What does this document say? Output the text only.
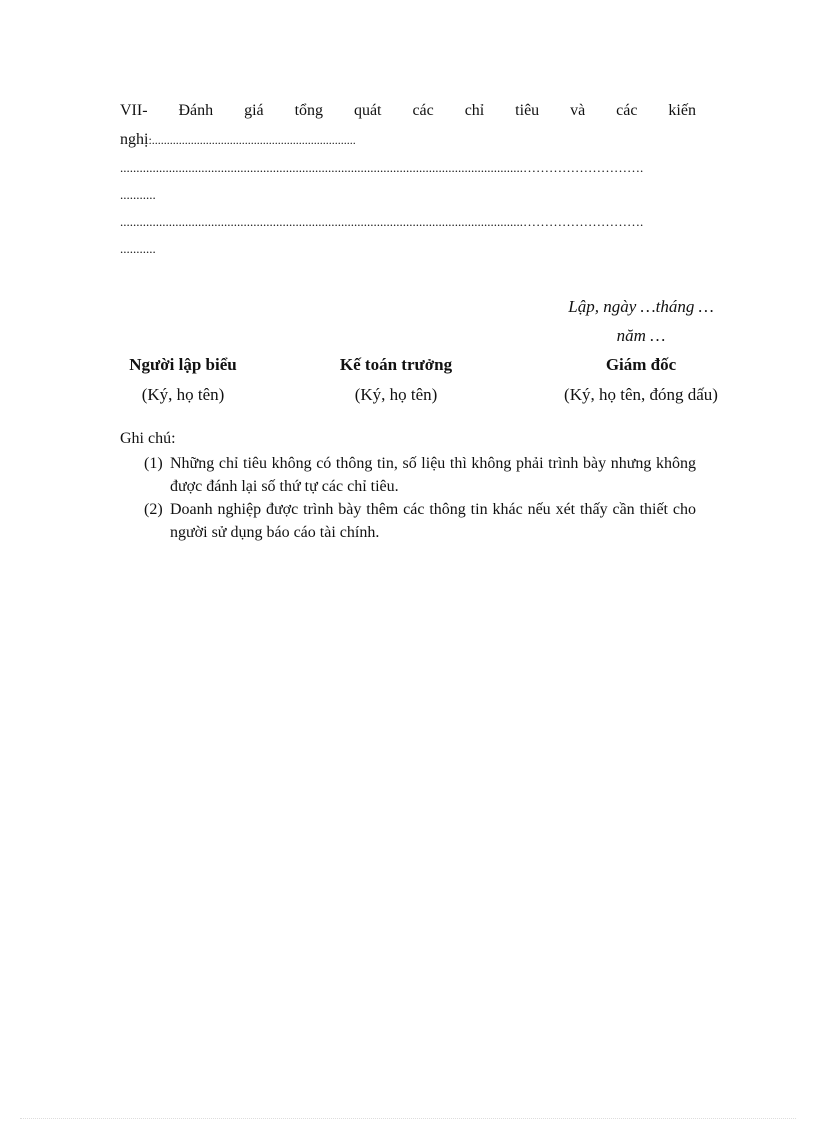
VII- Đánh giá tổng quát các chỉ tiêu và các kiến
nghị:....................................................................
............................................................................................................................……………………….
...........
............................................................................................................................……………………….
...........
Lập, ngày …tháng …
năm …
Người lập biểu
(Ký, họ tên)
Kế toán trưởng
(Ký, họ tên)
Giám đốc
(Ký, họ tên, đóng dấu)
Ghi chú:
(1) Những chỉ tiêu không có thông tin, số liệu thì không phải trình bày nhưng không được đánh lại số thứ tự các chỉ tiêu.
(2) Doanh nghiệp được trình bày thêm các thông tin khác nếu xét thấy cần thiết cho người sử dụng báo cáo tài chính.
